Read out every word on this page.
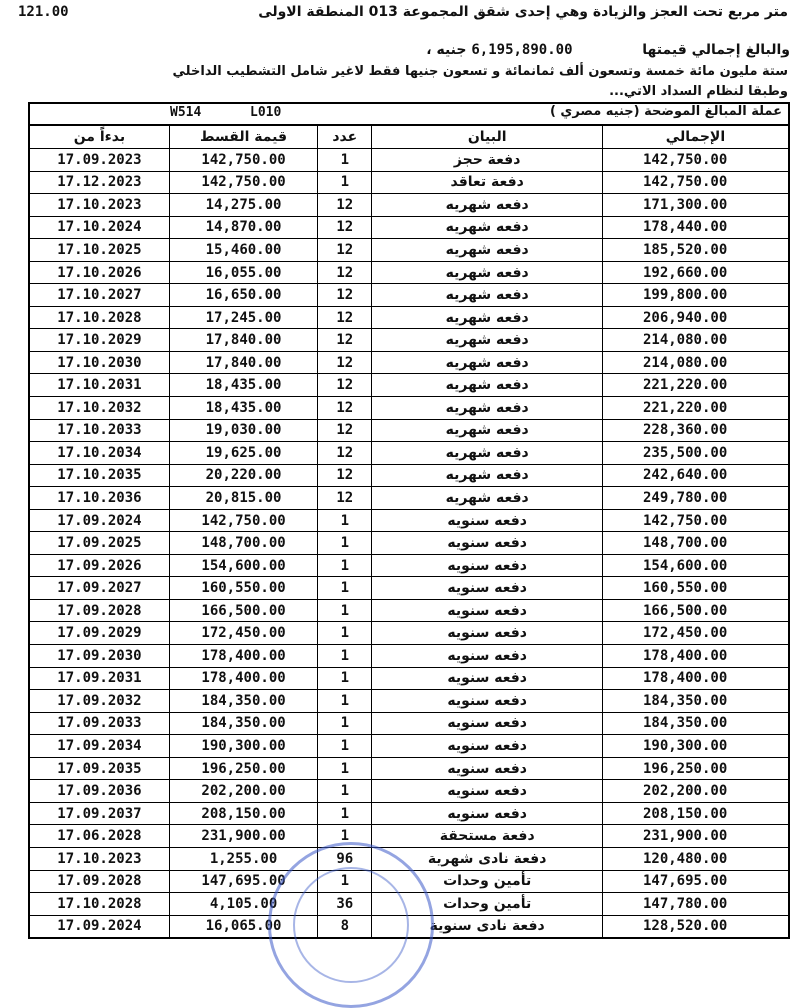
متر مربع تحت العجز والزيادة وهي إحدى شقق المجموعة 013 المنطقة الاولى
121.00
والبالغ إجمالي قيمتها  6,195,890.00 جنيه ،
ستة مليون مائة خمسة وتسعون ألف ثمانمائة و تسعون جنيها فقط لاغير شامل التشطيب الداخلي
وطبقا لنظام السداد الاتي...
W514	L010	عملة المبالغ الموضحة (جنيه مصري )
بدءاً من	قيمة القسط	عدد	البيان	الإجمالي
17.09.2023	142,750.00	1	دفعة حجز	142,750.00
17.12.2023	142,750.00	1	دفعة تعاقد	142,750.00
17.10.2023	14,275.00	12	دفعه شهريه	171,300.00
17.10.2024	14,870.00	12	دفعه شهريه	178,440.00
17.10.2025	15,460.00	12	دفعه شهريه	185,520.00
17.10.2026	16,055.00	12	دفعه شهريه	192,660.00
17.10.2027	16,650.00	12	دفعه شهريه	199,800.00
17.10.2028	17,245.00	12	دفعه شهريه	206,940.00
17.10.2029	17,840.00	12	دفعه شهريه	214,080.00
17.10.2030	17,840.00	12	دفعه شهريه	214,080.00
17.10.2031	18,435.00	12	دفعه شهريه	221,220.00
17.10.2032	18,435.00	12	دفعه شهريه	221,220.00
17.10.2033	19,030.00	12	دفعه شهريه	228,360.00
17.10.2034	19,625.00	12	دفعه شهريه	235,500.00
17.10.2035	20,220.00	12	دفعه شهريه	242,640.00
17.10.2036	20,815.00	12	دفعه شهريه	249,780.00
17.09.2024	142,750.00	1	دفعه سنويه	142,750.00
17.09.2025	148,700.00	1	دفعه سنويه	148,700.00
17.09.2026	154,600.00	1	دفعه سنويه	154,600.00
17.09.2027	160,550.00	1	دفعه سنويه	160,550.00
17.09.2028	166,500.00	1	دفعه سنويه	166,500.00
17.09.2029	172,450.00	1	دفعه سنويه	172,450.00
17.09.2030	178,400.00	1	دفعه سنويه	178,400.00
17.09.2031	178,400.00	1	دفعه سنويه	178,400.00
17.09.2032	184,350.00	1	دفعه سنويه	184,350.00
17.09.2033	184,350.00	1	دفعه سنويه	184,350.00
17.09.2034	190,300.00	1	دفعه سنويه	190,300.00
17.09.2035	196,250.00	1	دفعه سنويه	196,250.00
17.09.2036	202,200.00	1	دفعه سنويه	202,200.00
17.09.2037	208,150.00	1	دفعه سنويه	208,150.00
17.06.2028	231,900.00	1	دفعة مستحقة	231,900.00
17.10.2023	1,255.00	96	دفعة نادى شهرية	120,480.00
17.09.2028	147,695.00	1	تأمين وحدات	147,695.00
17.10.2028	4,105.00	36	تأمين وحدات	147,780.00
17.09.2024	16,065.00	8	دفعة نادى سنوية	128,520.00
